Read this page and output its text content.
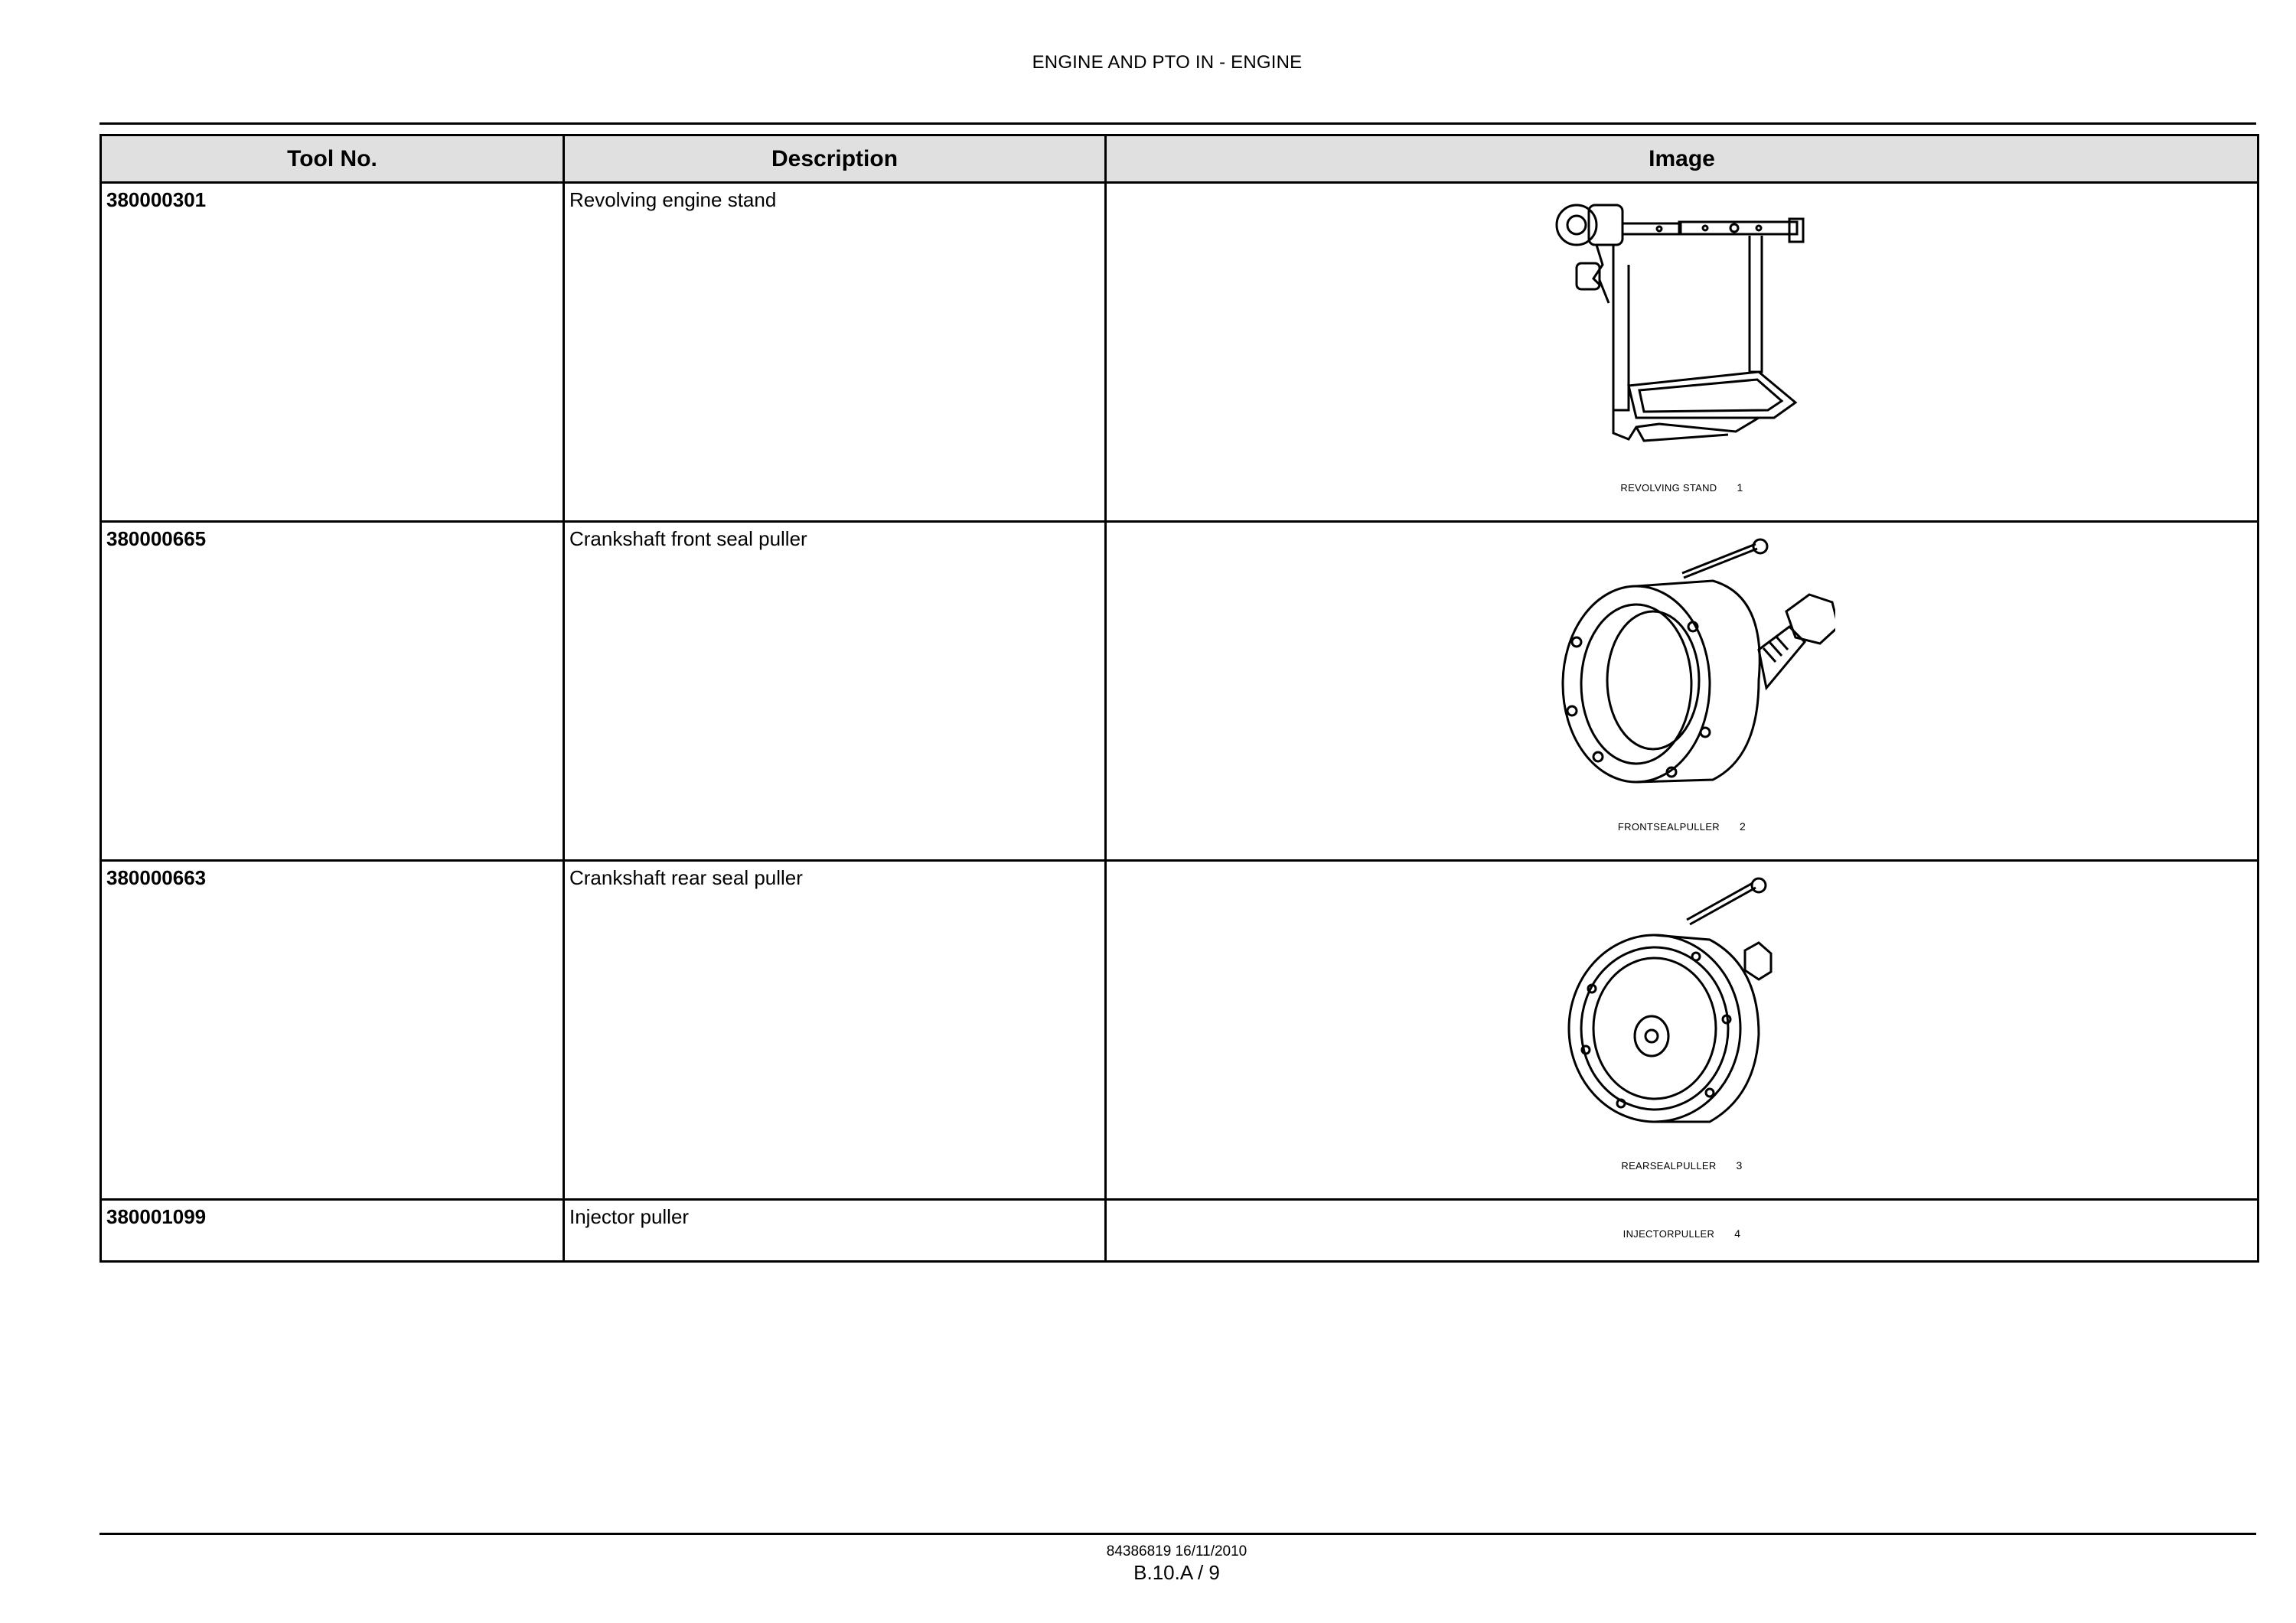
ENGINE AND PTO IN - ENGINE
Tool No.	Description	Image
380000301	Revolving engine stand	REVOLVING STAND 1

380000665	Crankshaft front seal puller	FRONTSEALPULLER 2

380000663	Crankshaft rear seal puller	REARSEALPULLER 3

380001099	Injector puller	INJECTORPULLER 4
84386819 16/11/2010
B.10.A / 9
